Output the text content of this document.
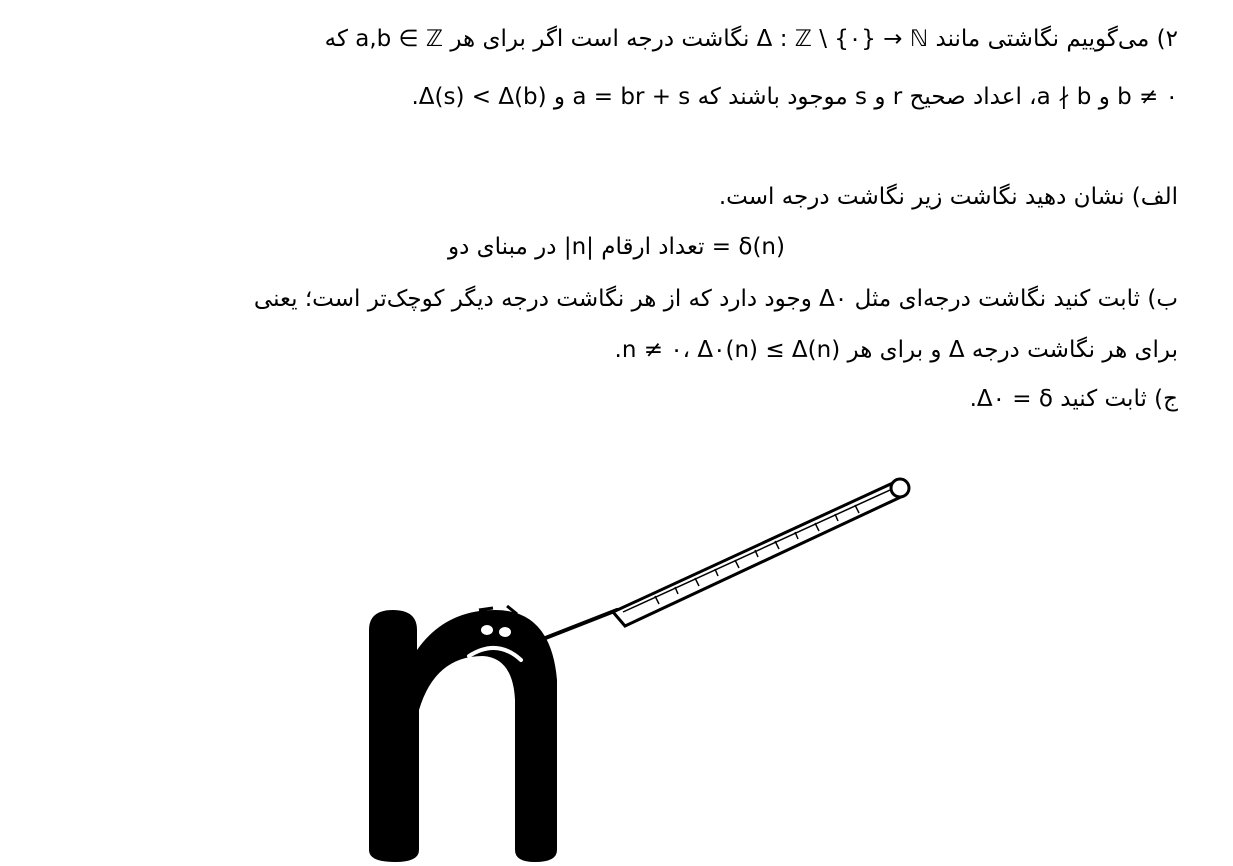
۲) می‌گوییم نگاشتی مانند Δ : ℤ \ {۰} → ℕ نگاشت درجه است اگر برای هر a,b ∈ ℤ که
b ≠ ۰ و a ∤ b، اعداد صحیح r و s موجود باشند که a = br + s و Δ(s) < Δ(b).
الف) نشان دهید نگاشت زیر نگاشت درجه است.
δ(n) = تعداد ارقام |n| در مبنای دو
ب) ثابت کنید نگاشت درجه‌ای مثل Δ۰ وجود دارد که از هر نگاشت درجه دیگر کوچک‌تر است؛ یعنی
برای هر نگاشت درجه Δ و برای هر n ≠ ۰، Δ۰(n) ≤ Δ(n).
ج) ثابت کنید Δ۰ = δ.
